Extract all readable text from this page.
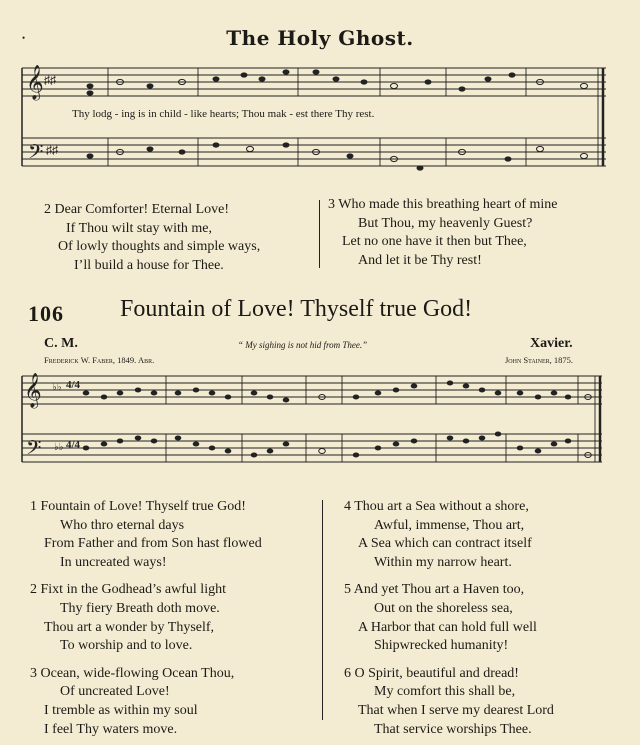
•	The Holy Ghost.
𝄞
𝄢
♯♯
♯♯
Thy lodg - ing is in child - like hearts; Thou mak - est there Thy rest.
2 Dear Comforter! Eternal Love!
If Thou wilt stay with me,
Of lowly thoughts and simple ways,
I’ll build a house for Thee.
3 Who made this breathing heart of mine
But Thou, my heavenly Guest?
Let no one have it then but Thee,
And let it be Thy rest!
106 Fountain of Love! Thyself true God!
C. M.	“ My sighing is not hid from Thee.”	Xavier.
Frederick W. Faber, 1849. Abr.	John Stainer, 1875.
𝄞
𝄢
♭♭
♭♭
4/4
4/4
1 Fountain of Love! Thyself true God!
Who thro eternal days
From Father and from Son hast flowed
In uncreated ways!
2 Fixt in the Godhead’s awful light
Thy fiery Breath doth move.
Thou art a wonder by Thyself,
To worship and to love.
3 Ocean, wide-flowing Ocean Thou,
Of uncreated Love!
I tremble as within my soul
I feel Thy waters move.
4 Thou art a Sea without a shore,
Awful, immense, Thou art,
A Sea which can contract itself
Within my narrow heart.
5 And yet Thou art a Haven too,
Out on the shoreless sea,
A Harbor that can hold full well
Shipwrecked humanity!
6 O Spirit, beautiful and dread!
My comfort this shall be,
That when I serve my dearest Lord
That service worships Thee.
